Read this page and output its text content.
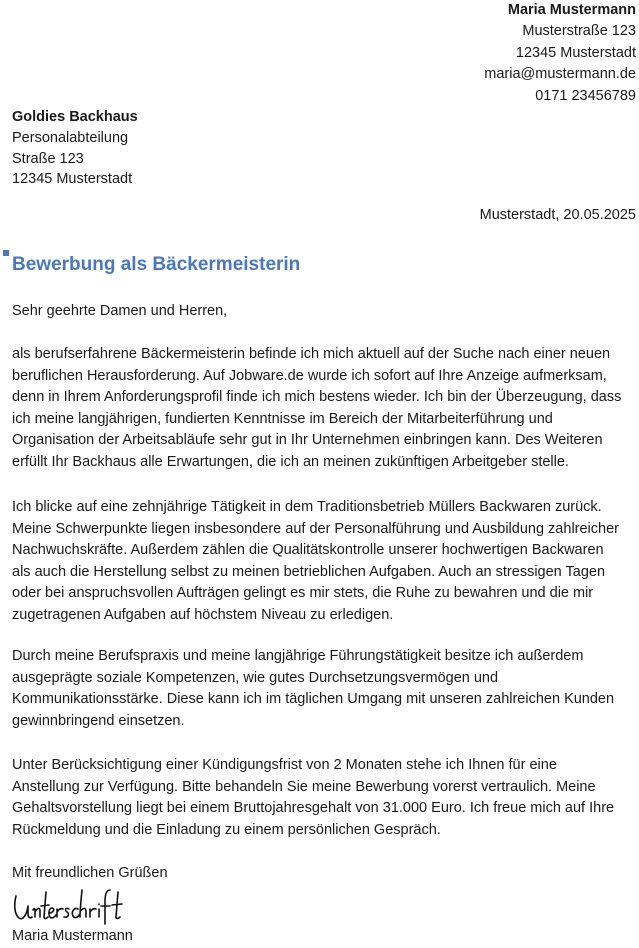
Maria Mustermann
Musterstraße 123
12345 Musterstadt
maria@mustermann.de
0171 23456789
Goldies Backhaus
Personalabteilung
Straße 123
12345 Musterstadt
Musterstadt, 20.05.2025
Bewerbung als Bäckermeisterin
Sehr geehrte Damen und Herren,
als berufserfahrene Bäckermeisterin befinde ich mich aktuell auf der Suche nach einer neuen
beruflichen Herausforderung. Auf Jobware.de wurde ich sofort auf Ihre Anzeige aufmerksam,
denn in Ihrem Anforderungsprofil finde ich mich bestens wieder. Ich bin der Überzeugung, dass
ich meine langjährigen, fundierten Kenntnisse im Bereich der Mitarbeiterführung und
Organisation der Arbeitsabläufe sehr gut in Ihr Unternehmen einbringen kann. Des Weiteren
erfüllt Ihr Backhaus alle Erwartungen, die ich an meinen zukünftigen Arbeitgeber stelle.
Ich blicke auf eine zehnjährige Tätigkeit in dem Traditionsbetrieb Müllers Backwaren zurück.
Meine Schwerpunkte liegen insbesondere auf der Personalführung und Ausbildung zahlreicher
Nachwuchskräfte. Außerdem zählen die Qualitätskontrolle unserer hochwertigen Backwaren
als auch die Herstellung selbst zu meinen betrieblichen Aufgaben. Auch an stressigen Tagen
oder bei anspruchsvollen Aufträgen gelingt es mir stets, die Ruhe zu bewahren und die mir
zugetragenen Aufgaben auf höchstem Niveau zu erledigen.
Durch meine Berufspraxis und meine langjährige Führungstätigkeit besitze ich außerdem
ausgeprägte soziale Kompetenzen, wie gutes Durchsetzungsvermögen und
Kommunikationsstärke. Diese kann ich im täglichen Umgang mit unseren zahlreichen Kunden
gewinnbringend einsetzen.
Unter Berücksichtigung einer Kündigungsfrist von 2 Monaten stehe ich Ihnen für eine
Anstellung zur Verfügung. Bitte behandeln Sie meine Bewerbung vorerst vertraulich. Meine
Gehaltsvorstellung liegt bei einem Bruttojahresgehalt von 31.000 Euro. Ich freue mich auf Ihre
Rückmeldung und die Einladung zu einem persönlichen Gespräch.
Mit freundlichen Grüßen
Maria Mustermann
